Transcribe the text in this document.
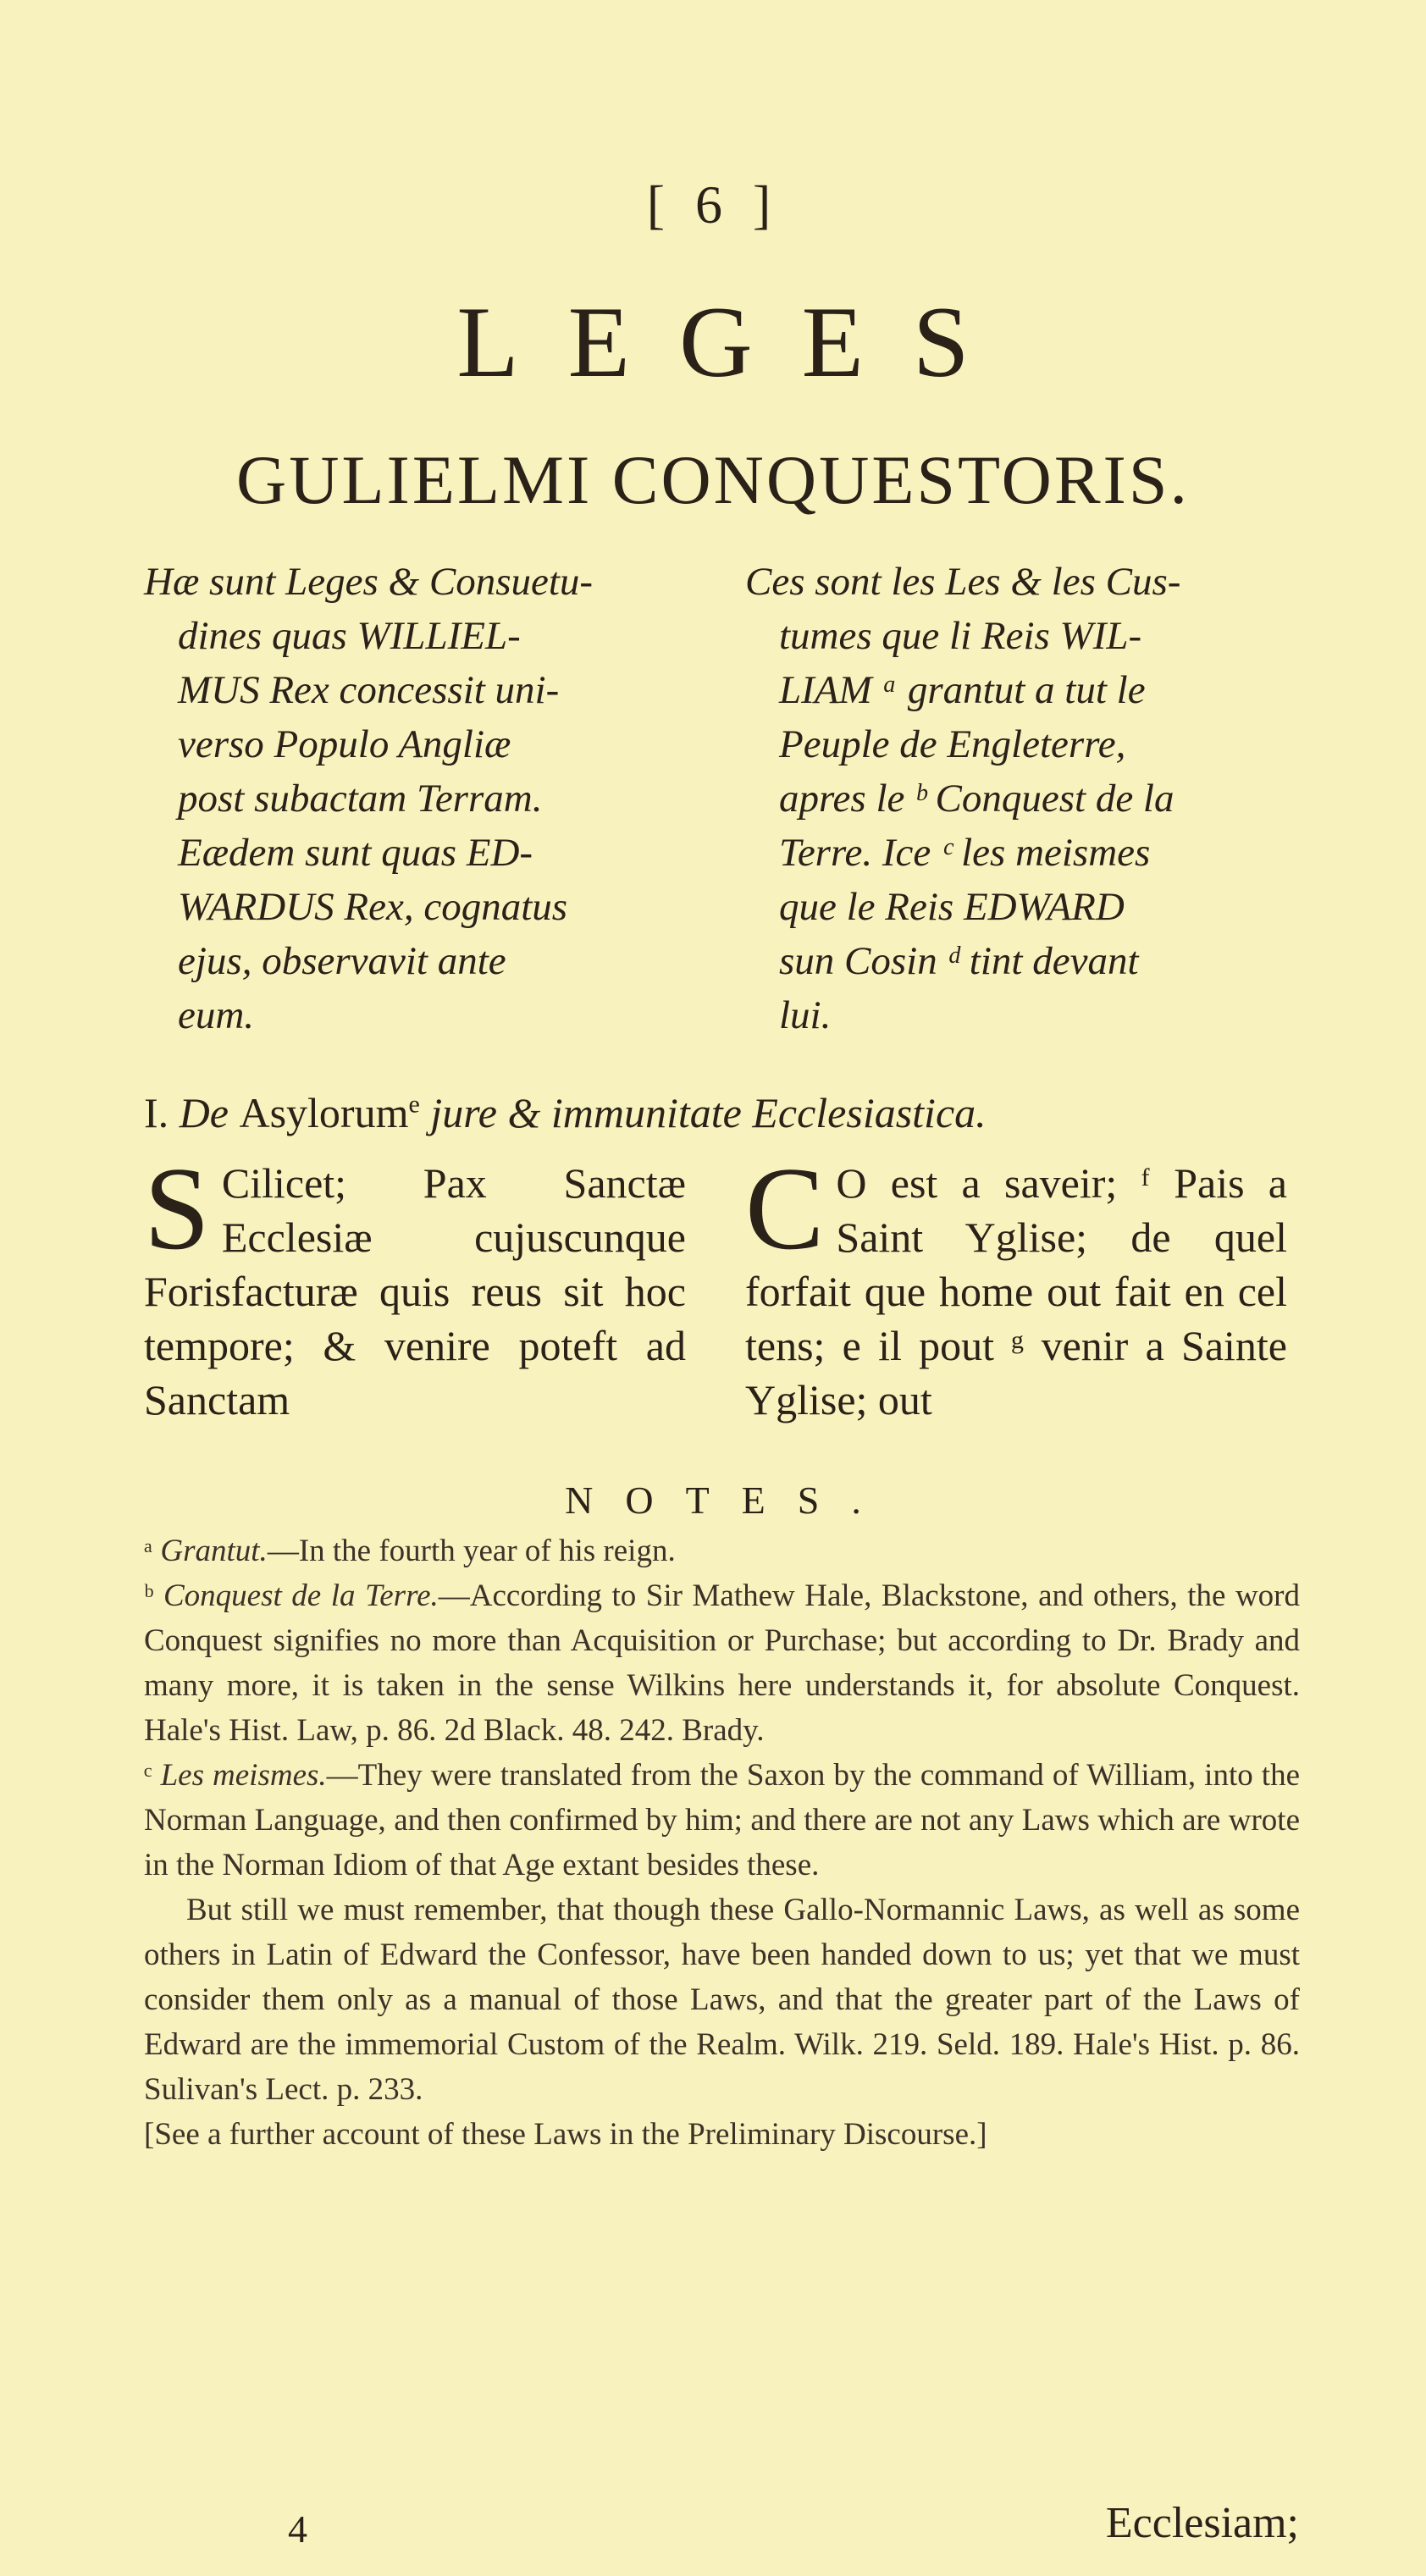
[ 6 ]
LEGES
GULIELMI CONQUESTORIS.
Hæ sunt Leges & Consuetu-
dines quas WILLIEL-
MUS Rex concessit uni-
verso Populo Angliæ
post subactam Terram.
Eædem sunt quas ED-
WARDUS Rex, cognatus
ejus, observavit ante
eum.
Ces sont les Les & les Cus-
tumes que li Reis WIL-
LIAM ᵃ grantut a tut le
Peuple de Engleterre,
apres le ᵇ Conquest de la
Terre. Ice ᶜ les meismes
que le Reis EDWARD
sun Cosin ᵈ tint devant
lui.
I. De Asylorum$^e$ jure & immunitate Ecclesiastica.
S Cilicet; Pax Sanctæ Ecclesiæ cujuscunque Forisfacturæ quis reus sit hoc tempore; & venire poteft ad Sanctam
C O est a saveir; ᶠ Pais a Saint Yglise; de quel forfait que home out fait en cel tens; e il pout ᵍ venir a Sainte Yglise; out
NOTES.

ᵃ Grantut.—In the fourth year of his reign.

ᵇ Conquest de la Terre.—According to Sir Mathew Hale, Blackstone, and others, the word Conquest signifies no more than Acquisition or Purchase; but according to Dr. Brady and many more, it is taken in the sense Wilkins here understands it, for absolute Conquest. Hale's Hist. Law, p. 86. 2d Black. 48. 242. Brady.

ᶜ Les meismes.—They were translated from the Saxon by the command of William, into the Norman Language, and then confirmed by him; and there are not any Laws which are wrote in the Norman Idiom of that Age extant besides these.

But still we must remember, that though these Gallo-Normannic Laws, as well as some others in Latin of Edward the Confessor, have been handed down to us; yet that we must consider them only as a manual of those Laws, and that the greater part of the Laws of Edward are the immemorial Custom of the Realm. Wilk. 219. Seld. 189. Hale's Hist. p. 86. Sulivan's Lect. p. 233.

[See a further account of these Laws in the Preliminary Discourse.]

4	Ecclesiam;
